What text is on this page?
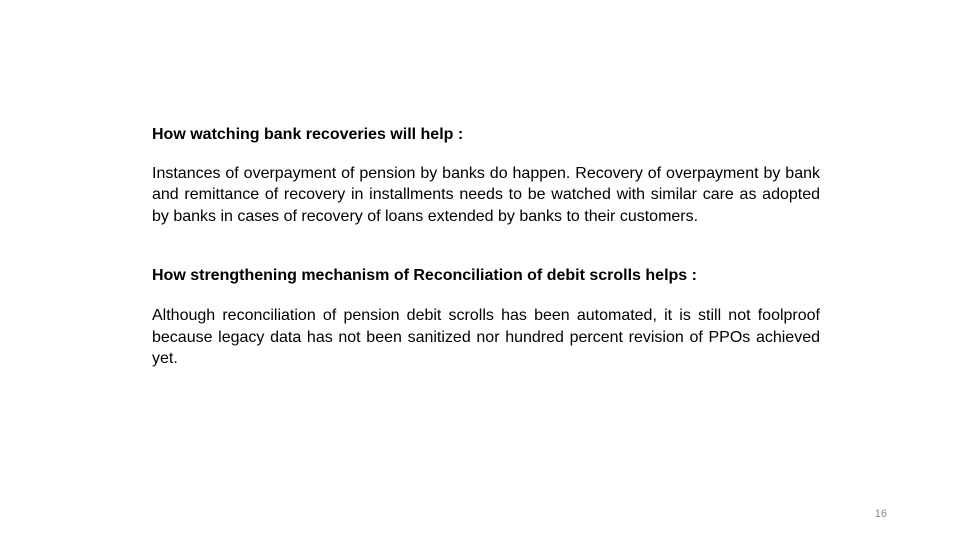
How watching bank recoveries will help :

Instances of overpayment of pension by banks do happen. Recovery of overpayment by bank and remittance of recovery in installments needs to be watched with similar care as adopted by banks in cases of recovery of loans extended by banks to their customers.

How strengthening mechanism of Reconciliation of debit scrolls helps :

Although reconciliation of pension debit scrolls has been automated, it is still not foolproof because legacy data has not been sanitized nor hundred percent revision of PPOs achieved yet.

16
